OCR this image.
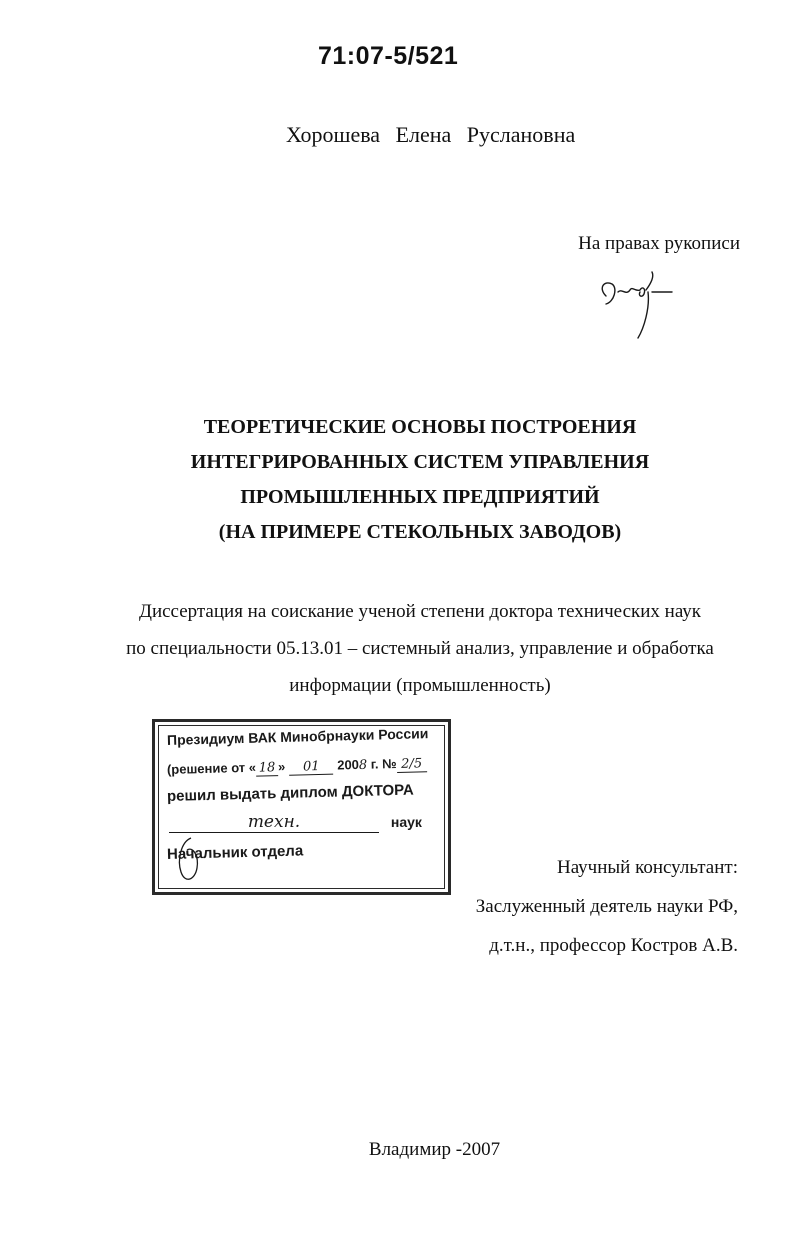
71:07-5/521
Хорошева Елена Руслановна
На правах рукописи
ТЕОРЕТИЧЕСКИЕ ОСНОВЫ ПОСТРОЕНИЯ
ИНТЕГРИРОВАННЫХ СИСТЕМ УПРАВЛЕНИЯ
ПРОМЫШЛЕННЫХ ПРЕДПРИЯТИЙ
(НА ПРИМЕРЕ СТЕКОЛЬНЫХ ЗАВОДОВ)
Диссертация на соискание ученой степени доктора технических наук
по специальности 05.13.01 – системный анализ, управление и обработка
информации (промышленность)
Президиум ВАК Минобрнауки России
(решение от « 18 » 01 2008 г. № 2/5
решил выдать диплом ДОКТОРА
техн.	наук
Начальник отдела
Научный консультант:
Заслуженный деятель науки РФ,
д.т.н., профессор Костров А.В.
Владимир -2007
